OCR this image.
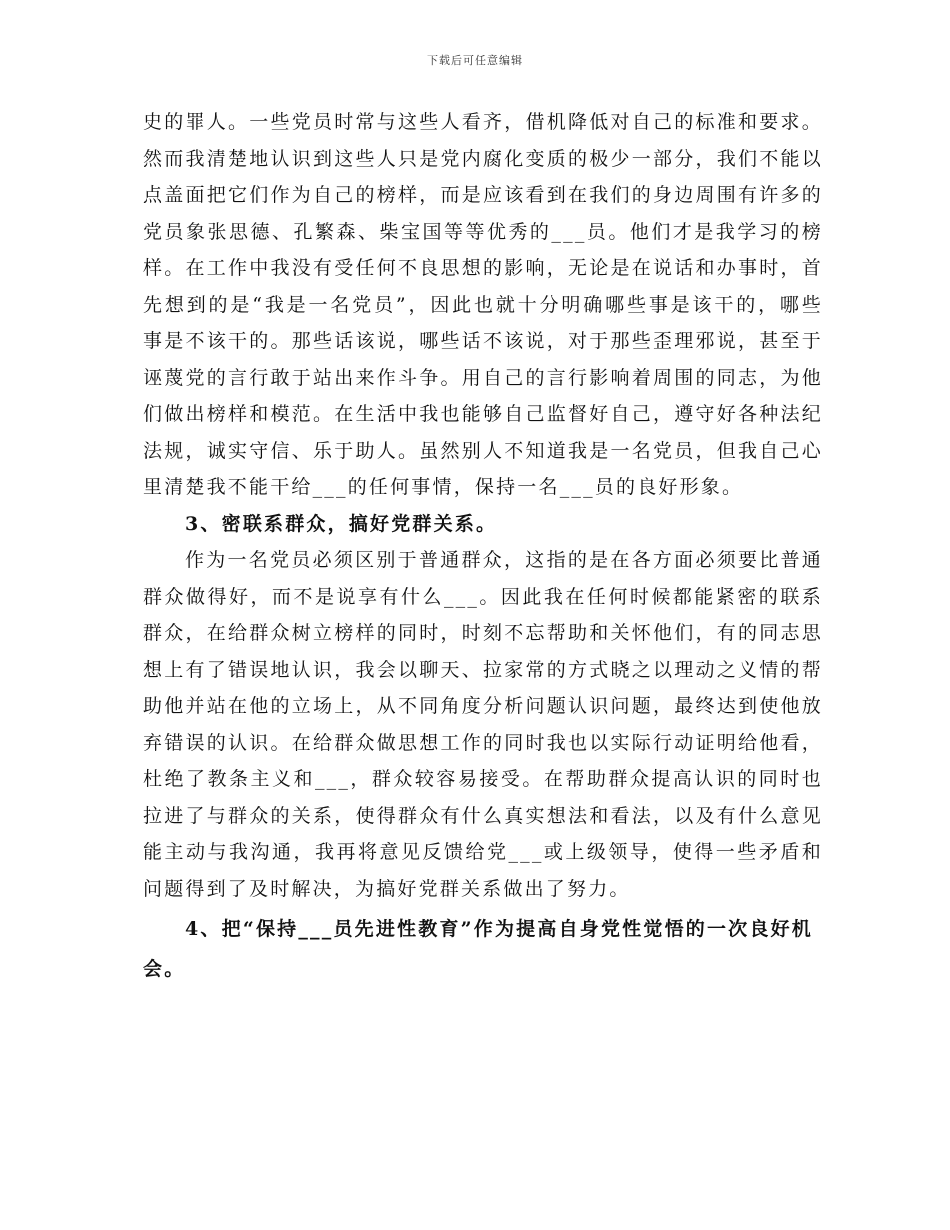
下载后可任意编辑

史的罪人。一些党员时常与这些人看齐，借机降低对自己的标准和要求。然而我清楚地认识到这些人只是党内腐化变质的极少一部分，我们不能以点盖面把它们作为自己的榜样，而是应该看到在我们的身边周围有许多的党员象张思德、孔繁森、柴宝国等等优秀的___员。他们才是我学习的榜样。在工作中我没有受任何不良思想的影响，无论是在说话和办事时，首先想到的是“我是一名党员”，因此也就十分明确哪些事是该干的，哪些事是不该干的。那些话该说，哪些话不该说，对于那些歪理邪说，甚至于诬蔑党的言行敢于站出来作斗争。用自己的言行影响着周围的同志，为他们做出榜样和模范。在生活中我也能够自己监督好自己，遵守好各种法纪法规，诚实守信、乐于助人。虽然别人不知道我是一名党员，但我自己心里清楚我不能干给___的任何事情，保持一名___员的良好形象。

3、密联系群众，搞好党群关系。

作为一名党员必须区别于普通群众，这指的是在各方面必须要比普通群众做得好，而不是说享有什么___。因此我在任何时候都能紧密的联系群众，在给群众树立榜样的同时，时刻不忘帮助和关怀他们，有的同志思想上有了错误地认识，我会以聊天、拉家常的方式晓之以理动之义情的帮助他并站在他的立场上，从不同角度分析问题认识问题，最终达到使他放弃错误的认识。在给群众做思想工作的同时我也以实际行动证明给他看，杜绝了教条主义和___，群众较容易接受。在帮助群众提高认识的同时也拉进了与群众的关系，使得群众有什么真实想法和看法，以及有什么意见能主动与我沟通，我再将意见反馈给党___或上级领导，使得一些矛盾和问题得到了及时解决，为搞好党群关系做出了努力。

4、把“保持___员先进性教育”作为提高自身党性觉悟的一次良好机会。
